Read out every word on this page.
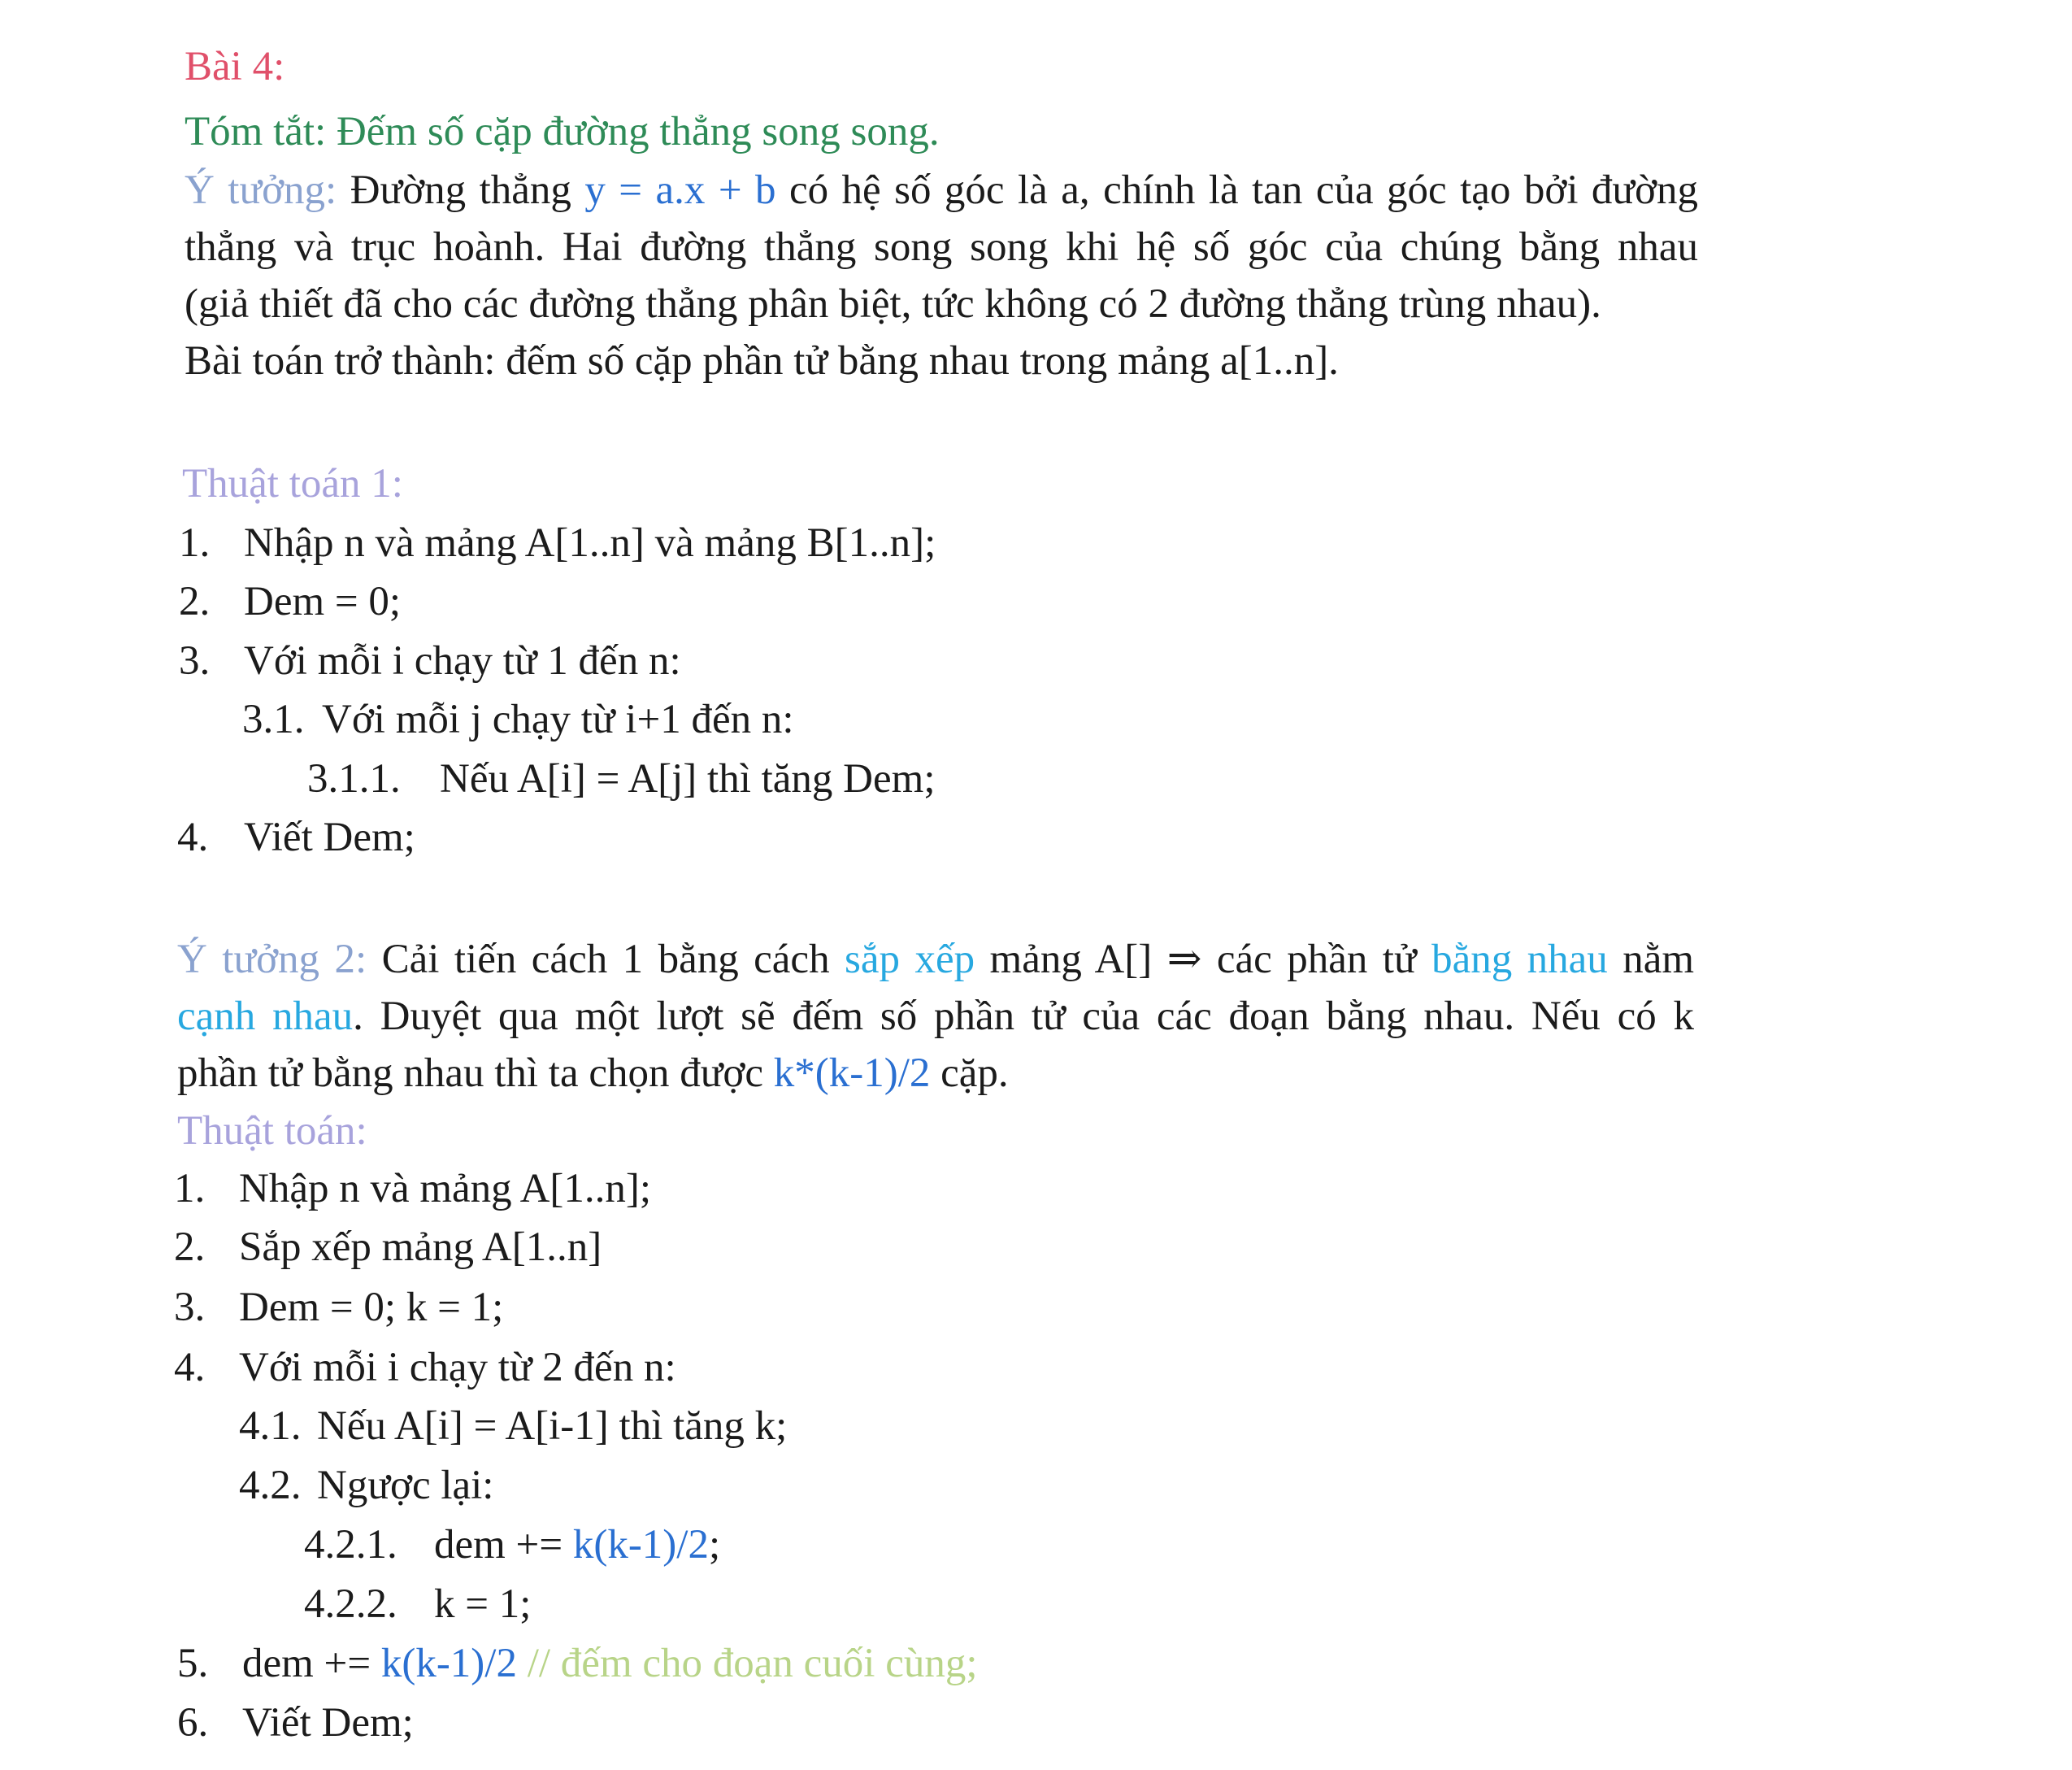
Bài 4:
Tóm tắt: Đếm số cặp đường thẳng song song.
Ý tưởng: Đường thẳng y = a.x + b có hệ số góc là a, chính là tan của góc tạo bởi đường
thẳng và trục hoành. Hai đường thẳng song song khi hệ số góc của chúng bằng nhau
(giả thiết đã cho các đường thẳng phân biệt, tức không có 2 đường thẳng trùng nhau).
Bài toán trở thành: đếm số cặp phần tử bằng nhau trong mảng a[1..n].
Thuật toán 1:
1. Nhập n và mảng A[1..n] và mảng B[1..n];
2. Dem = 0;
3. Với mỗi i chạy từ 1 đến n:
3.1. Với mỗi j chạy từ i+1 đến n:
3.1.1. Nếu A[i] = A[j] thì tăng Dem;
4. Viết Dem;
Ý tưởng 2: Cải tiến cách 1 bằng cách sắp xếp mảng A[] ⇒ các phần tử bằng nhau nằm
cạnh nhau. Duyệt qua một lượt sẽ đếm số phần tử của các đoạn bằng nhau. Nếu có k
phần tử bằng nhau thì ta chọn được k*(k-1)/2 cặp.
Thuật toán:
1. Nhập n và mảng A[1..n];
2. Sắp xếp mảng A[1..n]
3. Dem = 0; k = 1;
4. Với mỗi i chạy từ 2 đến n:
4.1. Nếu A[i] = A[i-1] thì tăng k;
4.2. Ngược lại:
4.2.1. dem += k(k-1)/2;
4.2.2. k = 1;
5. dem += k(k-1)/2 // đếm cho đoạn cuối cùng;
6. Viết Dem;
